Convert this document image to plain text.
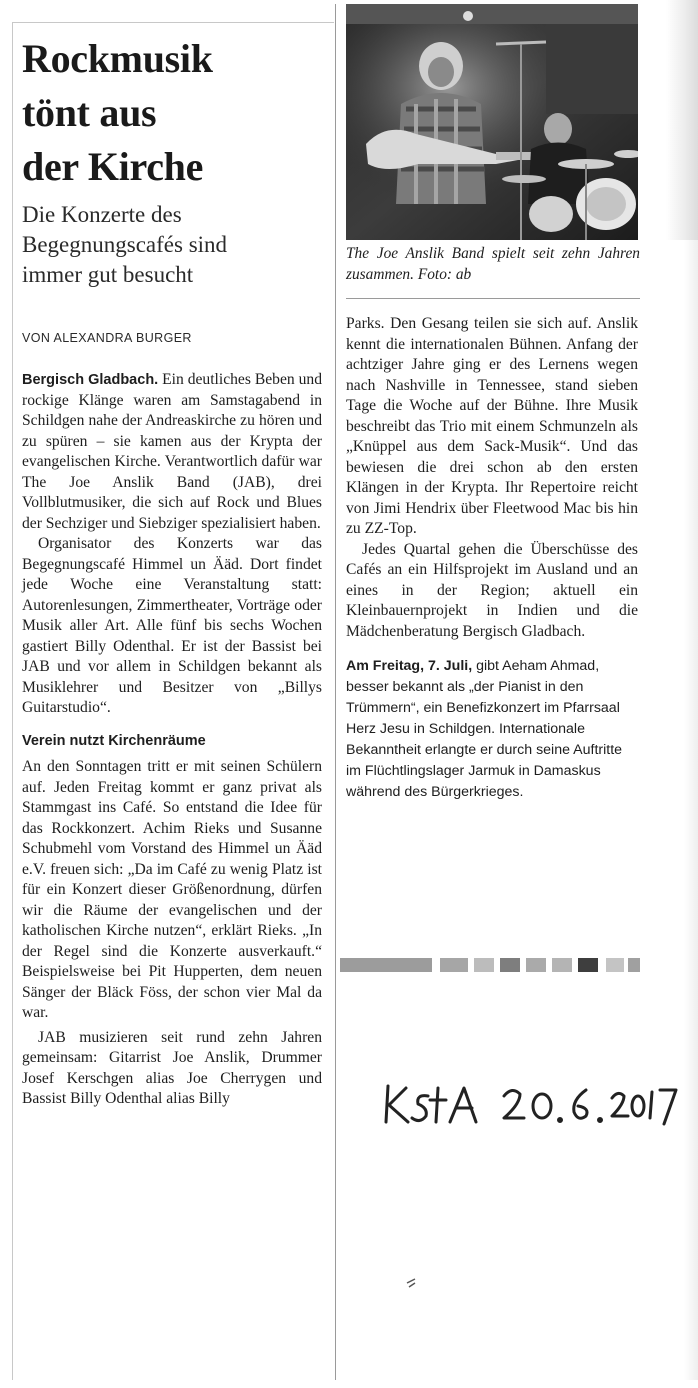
Rockmusik
tönt aus
der Kirche
Die Konzerte des
Begegnungscafés sind
immer gut besucht
VON ALEXANDRA BURGER

Bergisch Gladbach. Ein deutliches Beben und rockige Klänge waren am Samstagabend in Schildgen nahe der Andreaskirche zu hören und zu spüren – sie kamen aus der Krypta der evangelischen Kirche. Verantwortlich dafür war The Joe Anslik Band (JAB), drei Vollblutmusiker, die sich auf Rock und Blues der Sechziger und Siebziger spezialisiert haben.

Organisator des Konzerts war das Begegnungscafé Himmel un Ääd. Dort findet jede Woche eine Veranstaltung statt: Autorenlesungen, Zimmertheater, Vorträge oder Musik aller Art. Alle fünf bis sechs Wochen gastiert Billy Odenthal. Er ist der Bassist bei JAB und vor allem in Schildgen bekannt als Musiklehrer und Besitzer von „Billys Guitarstudio“.

Verein nutzt Kirchenräume

An den Sonntagen tritt er mit seinen Schülern auf. Jeden Freitag kommt er ganz privat als Stammgast ins Café. So entstand die Idee für das Rockkonzert. Achim Rieks und Susanne Schubmehl vom Vorstand des Himmel un Ääd e.V. freuen sich: „Da im Café zu wenig Platz ist für ein Konzert dieser Größenordnung, dürfen wir die Räume der evangelischen und der katholischen Kirche nutzen“, erklärt Rieks. „In der Regel sind die Konzerte ausverkauft.“ Beispielsweise bei Pit Hupperten, dem neuen Sänger der Bläck Föss, der schon vier Mal da war.

JAB musizieren seit rund zehn Jahren gemeinsam: Gitarrist Joe Anslik, Drummer Josef Kerschgen alias Joe Cherrygen und Bassist Billy Odenthal alias Billy

The Joe Anslik Band spielt seit zehn Jahren zusammen. Foto: ab

Parks. Den Gesang teilen sie sich auf. Anslik kennt die internationalen Bühnen. Anfang der achtziger Jahre ging er des Lernens wegen nach Nashville in Tennessee, stand sieben Tage die Woche auf der Bühne. Ihre Musik beschreibt das Trio mit einem Schmunzeln als „Knüppel aus dem Sack-Musik“. Und das bewiesen die drei schon ab den ersten Klängen in der Krypta. Ihr Repertoire reicht von Jimi Hendrix über Fleetwood Mac bis hin zu ZZ-Top.

Jedes Quartal gehen die Überschüsse des Cafés an ein Hilfsprojekt im Ausland und an eines in der Region; aktuell ein Kleinbauernprojekt in Indien und die Mädchenberatung Bergisch Gladbach.

Am Freitag, 7. Juli, gibt Aeham Ahmad, besser bekannt als „der Pianist in den Trümmern“, ein Benefizkonzert im Pfarrsaal Herz Jesu in Schildgen. Internationale Bekanntheit erlangte er durch seine Auftritte im Flüchtlingslager Jarmuk in Damaskus während des Bürgerkrieges.
